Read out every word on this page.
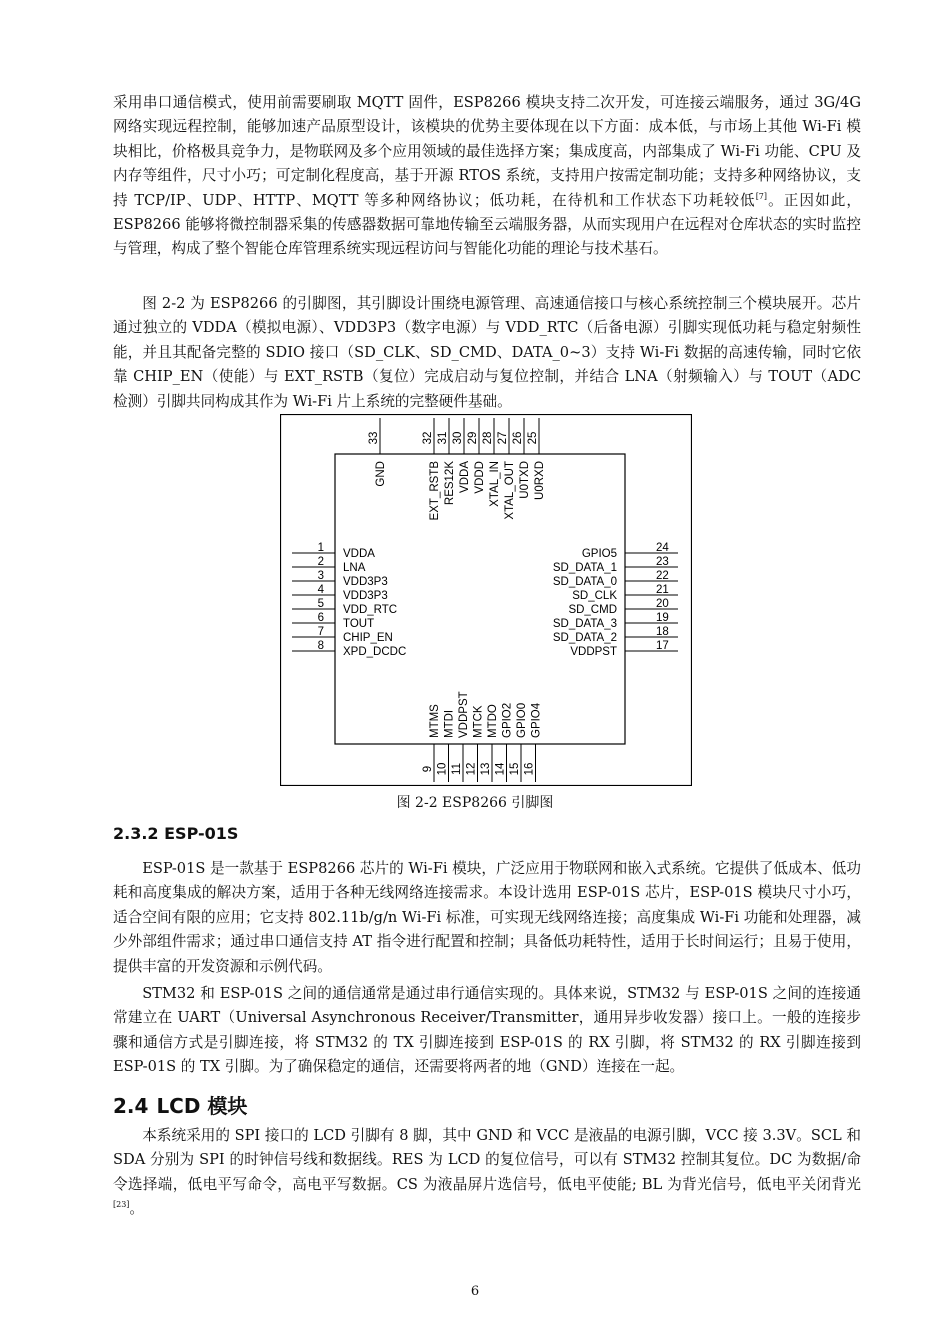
采用串口通信模式，使用前需要刷取 MQTT 固件，ESP8266 模块支持二次开发，可连接云端服务，通过 3G/4G 网络实现远程控制，能够加速产品原型设计，该模块的优势主要体现在以下方面：成本低，与市场上其他 Wi-Fi 模块相比，价格极具竞争力，是物联网及多个应用领域的最佳选择方案；集成度高，内部集成了 Wi-Fi 功能、CPU 及内存等组件，尺寸小巧；可定制化程度高，基于开源 RTOS 系统，支持用户按需定制功能；支持多种网络协议，支持 TCP/IP、UDP、HTTP、MQTT 等多种网络协议；低功耗，在待机和工作状态下功耗较低[7]。正因如此，ESP8266 能够将微控制器采集的传感器数据可靠地传输至云端服务器，从而实现用户在远程对仓库状态的实时监控与管理，构成了整个智能仓库管理系统实现远程访问与智能化功能的理论与技术基石。

图 2-2 为 ESP8266 的引脚图，其引脚设计围绕电源管理、高速通信接口与核心系统控制三个模块展开。芯片通过独立的 VDDA（模拟电源）、VDD3P3（数字电源）与 VDD_RTC（后备电源）引脚实现低功耗与稳定射频性能，并且其配备完整的 SDIO 接口（SD_CLK、SD_CMD、DATA_0~3）支持 Wi-Fi 数据的高速传输，同时它依靠 CHIP_EN（使能）与 EXT_RSTB（复位）完成启动与复位控制，并结合 LNA（射频输入）与 TOUT（ADC 检测）引脚共同构成其作为 Wi-Fi 片上系统的完整硬件基础。

1 VDDA
2 LNA
3 VDD3P3
4 VDD3P3
5 VDD_RTC
6 TOUT
7 CHIP_EN
8 XPD_DCDC
24
GPIO5
23
SD_DATA_1
22
SD_DATA_0
21
SD_CLK
20
SD_CMD
19
SD_DATA_3
18
SD_DATA_2
17
VDDPST
33
GND
32
EXT_RSTB
31
RES12K
30
VDDA
29
VDDD
28
XTAL_IN
27
XTAL_OUT
26
U0TXD
25
U0RXD
9
MTMS
10
MTDI
11
VDDPST
12
MTCK
13
MTDO
14
GPIO2
15
GPIO0
16
GPIO4

图 2-2 ESP8266 引脚图

2.3.2 ESP-01S

ESP-01S 是一款基于 ESP8266 芯片的 Wi-Fi 模块，广泛应用于物联网和嵌入式系统。它提供了低成本、低功耗和高度集成的解决方案，适用于各种无线网络连接需求。本设计选用 ESP-01S 芯片，ESP-01S 模块尺寸小巧，适合空间有限的应用；它支持 802.11b/g/n Wi-Fi 标准，可实现无线网络连接；高度集成 Wi-Fi 功能和处理器，减少外部组件需求；通过串口通信支持 AT 指令进行配置和控制；具备低功耗特性，适用于长时间运行；且易于使用，提供丰富的开发资源和示例代码。

STM32 和 ESP-01S 之间的通信通常是通过串行通信实现的。具体来说，STM32 与 ESP-01S 之间的连接通常建立在 UART（Universal Asynchronous Receiver/Transmitter，通用异步收发器）接口上。一般的连接步骤和通信方式是引脚连接，将 STM32 的 TX 引脚连接到 ESP-01S 的 RX 引脚，将 STM32 的 RX 引脚连接到 ESP-01S 的 TX 引脚。为了确保稳定的通信，还需要将两者的地（GND）连接在一起。

2.4 LCD 模块

本系统采用的 SPI 接口的 LCD 引脚有 8 脚，其中 GND 和 VCC 是液晶的电源引脚，VCC 接 3.3V。SCL 和 SDA 分别为 SPI 的时钟信号线和数据线。RES 为 LCD 的复位信号，可以有 STM32 控制其复位。DC 为数据/命令选择端，低电平写命令，高电平写数据。CS 为液晶屏片选信号，低电平使能; BL 为背光信号，低电平关闭背光[23]。

6
